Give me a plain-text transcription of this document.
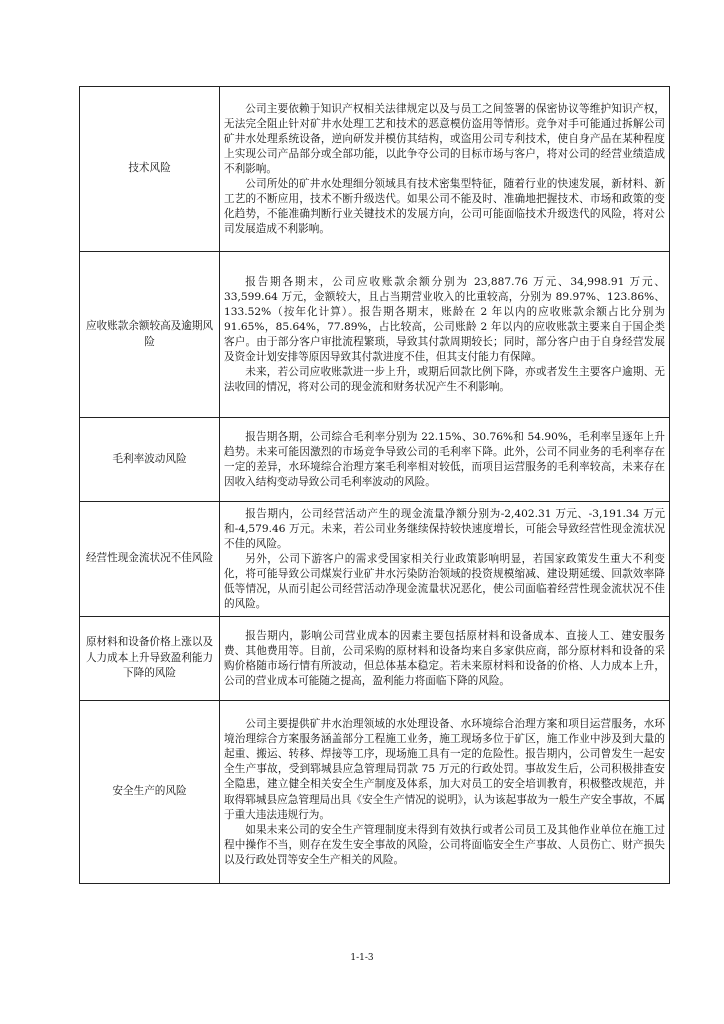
技术风险	公司主要依赖于知识产权相关法律规定以及与员工之间签署的保密协议等维护知识产权，无法完全阻止针对矿井水处理工艺和技术的恶意模仿盗用等情形。竞争对手可能通过拆解公司矿井水处理系统设备，逆向研发并模仿其结构，或盗用公司专利技术，使自身产品在某种程度上实现公司产品部分或全部功能，以此争夺公司的目标市场与客户，将对公司的经营业绩造成不利影响。

公司所处的矿井水处理细分领域具有技术密集型特征，随着行业的快速发展，新材料、新工艺的不断应用，技术不断升级迭代。如果公司不能及时、准确地把握技术、市场和政策的变化趋势，不能准确判断行业关键技术的发展方向，公司可能面临技术升级迭代的风险，将对公司发展造成不利影响。

应收账款余额较高及逾期风险	报告期各期末，公司应收账款余额分别为 23,887.76 万元、34,998.91 万元、33,599.64 万元，金额较大，且占当期营业收入的比重较高，分别为 89.97%、123.86%、133.52%（按年化计算）。报告期各期末，账龄在 2 年以内的应收账款余额占比分别为 91.65%，85.64%，77.89%，占比较高，公司账龄 2 年以内的应收账款主要来自于国企类客户。由于部分客户审批流程繁琐，导致其付款周期较长；同时，部分客户由于自身经营发展及资金计划安排等原因导致其付款进度不佳，但其支付能力有保障。

未来，若公司应收账款进一步上升，或期后回款比例下降，亦或者发生主要客户逾期、无法收回的情况，将对公司的现金流和财务状况产生不利影响。

毛利率波动风险	报告期各期，公司综合毛利率分别为 22.15%、30.76%和 54.90%，毛利率呈逐年上升趋势。未来可能因激烈的市场竞争导致公司的毛利率下降。此外，公司不同业务的毛利率存在一定的差异，水环境综合治理方案毛利率相对较低，而项目运营服务的毛利率较高，未来存在因收入结构变动导致公司毛利率波动的风险。

经营性现金流状况不佳风险	报告期内，公司经营活动产生的现金流量净额分别为-2,402.31 万元、-3,191.34 万元和-4,579.46 万元。未来，若公司业务继续保持较快速度增长，可能会导致经营性现金流状况不佳的风险。

另外，公司下游客户的需求受国家相关行业政策影响明显，若国家政策发生重大不利变化，将可能导致公司煤炭行业矿井水污染防治领域的投资规模缩减、建设期延缓、回款效率降低等情况，从而引起公司经营活动净现金流量状况恶化，使公司面临着经营性现金流状况不佳的风险。

原材料和设备价格上涨以及人力成本上升导致盈利能力下降的风险	报告期内，影响公司营业成本的因素主要包括原材料和设备成本、直接人工、建安服务费、其他费用等。目前，公司采购的原材料和设备均来自多家供应商，部分原材料和设备的采购价格随市场行情有所波动，但总体基本稳定。若未来原材料和设备的价格、人力成本上升，公司的营业成本可能随之提高，盈利能力将面临下降的风险。

安全生产的风险	公司主要提供矿井水治理领域的水处理设备、水环境综合治理方案和项目运营服务，水环境治理综合方案服务涵盖部分工程施工业务，施工现场多位于矿区，施工作业中涉及到大量的起重、搬运、转移、焊接等工序，现场施工具有一定的危险性。报告期内，公司曾发生一起安全生产事故，受到郓城县应急管理局罚款 75 万元的行政处罚。事故发生后，公司积极排查安全隐患，建立健全相关安全生产制度及体系，加大对员工的安全培训教育，积极整改规范，并取得郓城县应急管理局出具《安全生产情况的说明》，认为该起事故为一般生产安全事故，不属于重大违法违规行为。

如果未来公司的安全生产管理制度未得到有效执行或者公司员工及其他作业单位在施工过程中操作不当，则存在发生安全事故的风险，公司将面临安全生产事故、人员伤亡、财产损失以及行政处罚等安全生产相关的风险。

1-1-3
